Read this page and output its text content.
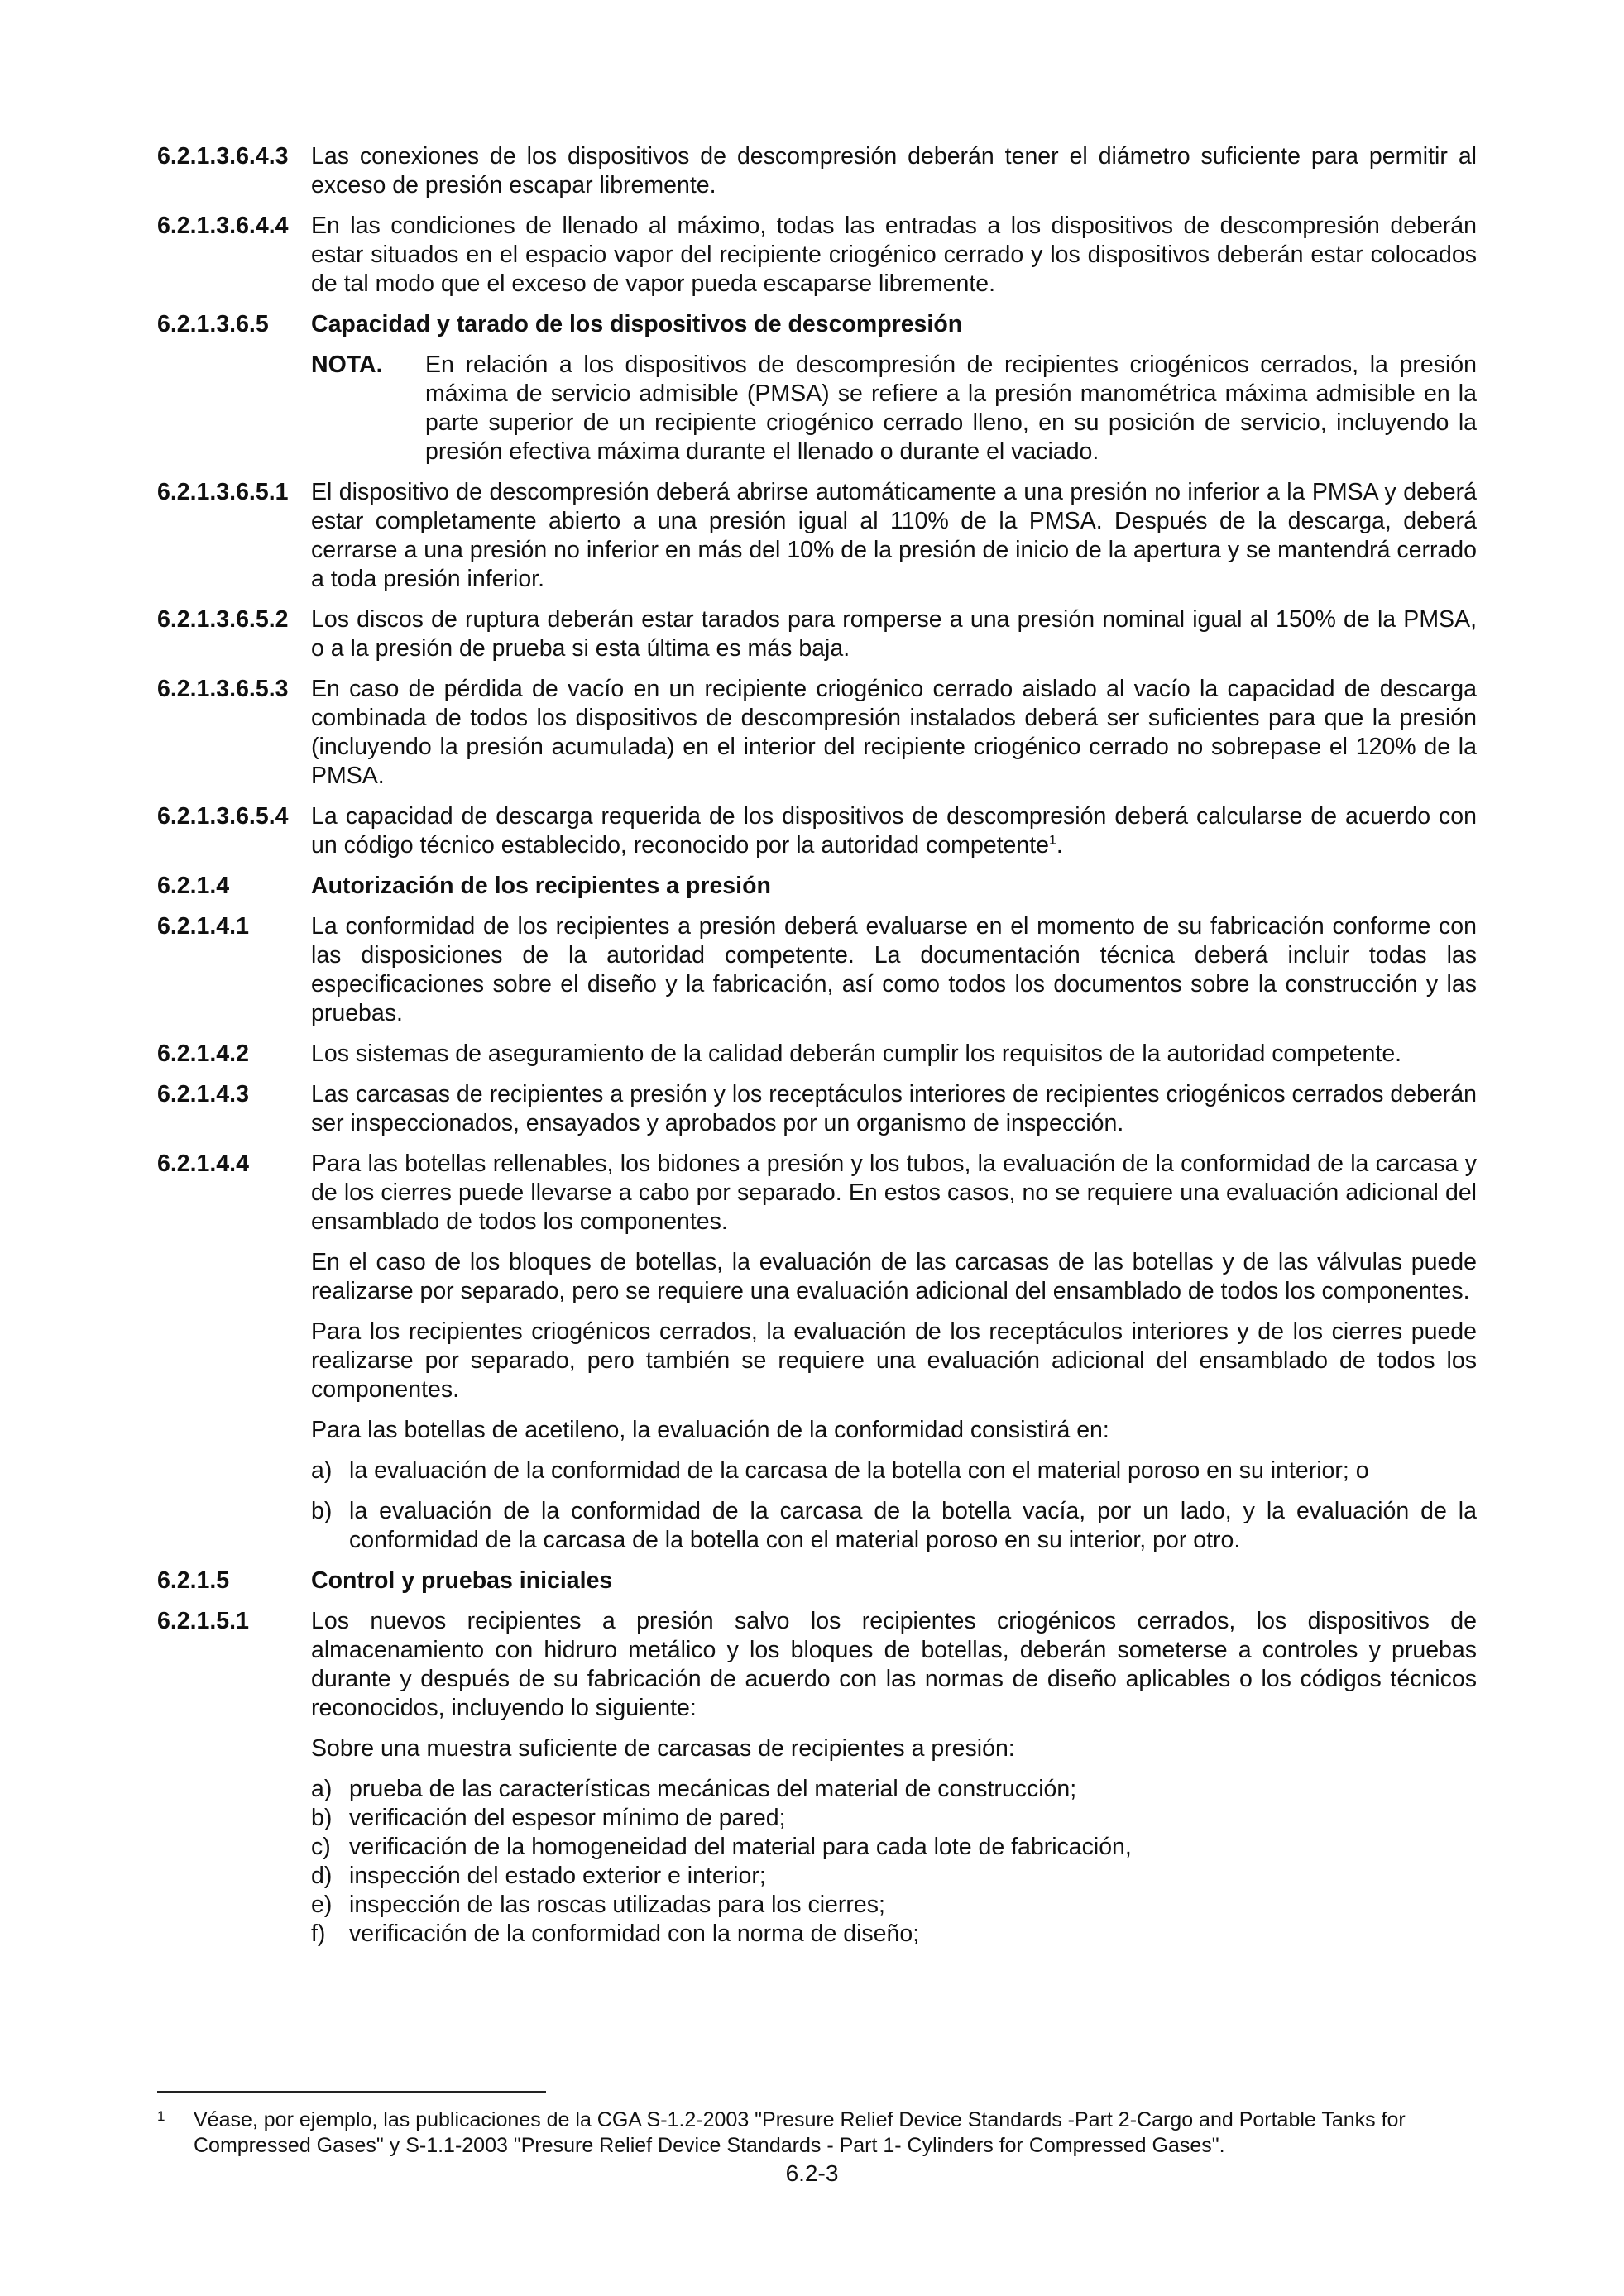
6.2.1.3.6.4.3 Las conexiones de los dispositivos de descompresión deberán tener el diámetro suficiente para permitir al exceso de presión escapar libremente.
6.2.1.3.6.4.4 En las condiciones de llenado al máximo, todas las entradas a los dispositivos de descompresión deberán estar situados en el espacio vapor del recipiente criogénico cerrado y los dispositivos deberán estar colocados de tal modo que el exceso de vapor pueda escaparse libremente.
6.2.1.3.6.5	Capacidad y tarado de los dispositivos de descompresión
NOTA.	En relación a los dispositivos de descompresión de recipientes criogénicos cerrados, la presión máxima de servicio admisible (PMSA) se refiere a la presión manométrica máxima admisible en la parte superior de un recipiente criogénico cerrado lleno, en su posición de servicio, incluyendo la presión efectiva máxima durante el llenado o durante el vaciado.
6.2.1.3.6.5.1 El dispositivo de descompresión deberá abrirse automáticamente a una presión no inferior a la PMSA y deberá estar completamente abierto a una presión igual al 110% de la PMSA. Después de la descarga, deberá cerrarse a una presión no inferior en más del 10% de la presión de inicio de la apertura y se mantendrá cerrado a toda presión inferior.
6.2.1.3.6.5.2 Los discos de ruptura deberán estar tarados para romperse a una presión nominal igual al 150% de la PMSA, o a la presión de prueba si esta última es más baja.
6.2.1.3.6.5.3 En caso de pérdida de vacío en un recipiente criogénico cerrado aislado al vacío la capacidad de descarga combinada de todos los dispositivos de descompresión instalados deberá ser suficientes para que la presión (incluyendo la presión acumulada) en el interior del recipiente criogénico cerrado no sobrepase el 120% de la PMSA.
6.2.1.3.6.5.4 La capacidad de descarga requerida de los dispositivos de descompresión deberá calcularse de acuerdo con un código técnico establecido, reconocido por la autoridad competente$^1$.
6.2.1.4	Autorización de los recipientes a presión
6.2.1.4.1	La conformidad de los recipientes a presión deberá evaluarse en el momento de su fabricación conforme con las disposiciones de la autoridad competente. La documentación técnica deberá incluir todas las especificaciones sobre el diseño y la fabricación, así como todos los documentos sobre la construcción y las pruebas.
6.2.1.4.2	Los sistemas de aseguramiento de la calidad deberán cumplir los requisitos de la autoridad competente.
6.2.1.4.3	Las carcasas de recipientes a presión y los receptáculos interiores de recipientes criogénicos cerrados deberán ser inspeccionados, ensayados y aprobados por un organismo de inspección.
6.2.1.4.4	Para las botellas rellenables, los bidones a presión y los tubos, la evaluación de la conformidad de la carcasa y de los cierres puede llevarse a cabo por separado. En estos casos, no se requiere una evaluación adicional del ensamblado de todos los componentes.
En el caso de los bloques de botellas, la evaluación de las carcasas de las botellas y de las válvulas puede realizarse por separado, pero se requiere una evaluación adicional del ensamblado de todos los componentes.
Para los recipientes criogénicos cerrados, la evaluación de los receptáculos interiores y de los cierres puede realizarse por separado, pero también se requiere una evaluación adicional del ensamblado de todos los componentes.
Para las botellas de acetileno, la evaluación de la conformidad consistirá en:
a) la evaluación de la conformidad de la carcasa de la botella con el material poroso en su interior; o
b) la evaluación de la conformidad de la carcasa de la botella vacía, por un lado, y la evaluación de la conformidad de la carcasa de la botella con el material poroso en su interior, por otro.
6.2.1.5	Control y pruebas iniciales
6.2.1.5.1	Los nuevos recipientes a presión salvo los recipientes criogénicos cerrados, los dispositivos de almacenamiento con hidruro metálico y los bloques de botellas, deberán someterse a controles y pruebas durante y después de su fabricación de acuerdo con las normas de diseño aplicables o los códigos técnicos reconocidos, incluyendo lo siguiente:
Sobre una muestra suficiente de carcasas de recipientes a presión:
a) prueba de las características mecánicas del material de construcción;
b) verificación del espesor mínimo de pared;
c) verificación de la homogeneidad del material para cada lote de fabricación,
d) inspección del estado exterior e interior;
e) inspección de las roscas utilizadas para los cierres;
f)	verificación de la conformidad con la norma de diseño;
1	Véase, por ejemplo, las publicaciones de la CGA S-1.2-2003 "Presure Relief Device Standards -Part 2-Cargo and Portable Tanks for Compressed Gases" y S-1.1-2003 "Presure Relief Device Standards - Part 1- Cylinders for Compressed Gases".
6.2-3
